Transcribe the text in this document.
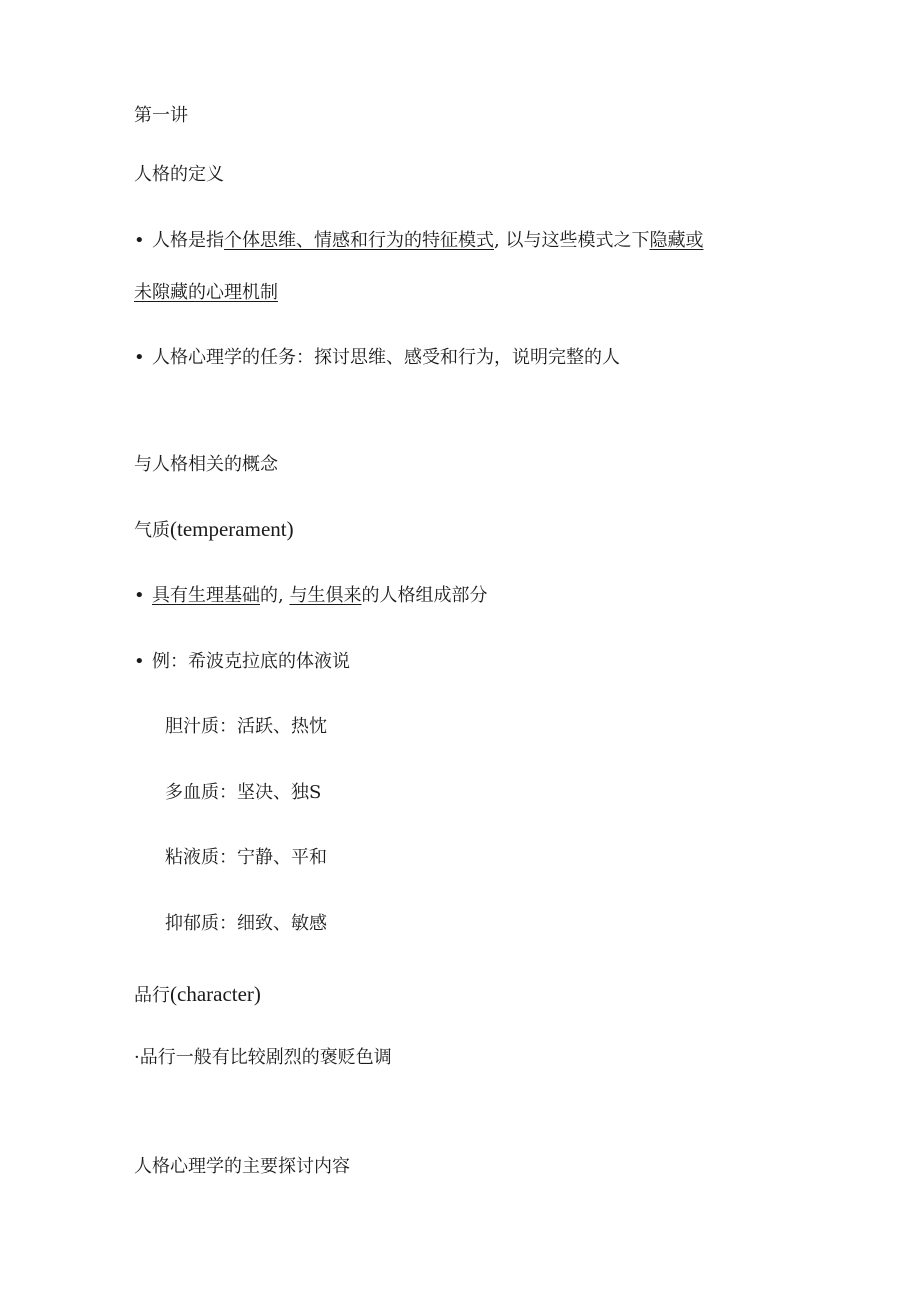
第一讲
人格的定义
• 人格是指个体思维、情感和行为的特征模式, 以与这些模式之下隐藏或
未隙藏的心理机制
• 人格心理学的任务：探讨思维、感受和行为，说明完整的人
与人格相关的概念
气质(temperament)
• 具有生理基础的, 与生俱来的人格组成部分
• 例：希波克拉底的体液说
胆汁质：活跃、热忱
多血质：坚决、独S
粘液质：宁静、平和
抑郁质：细致、敏感
品行(character)
·品行一般有比较剧烈的褒贬色调
人格心理学的主要探讨内容
